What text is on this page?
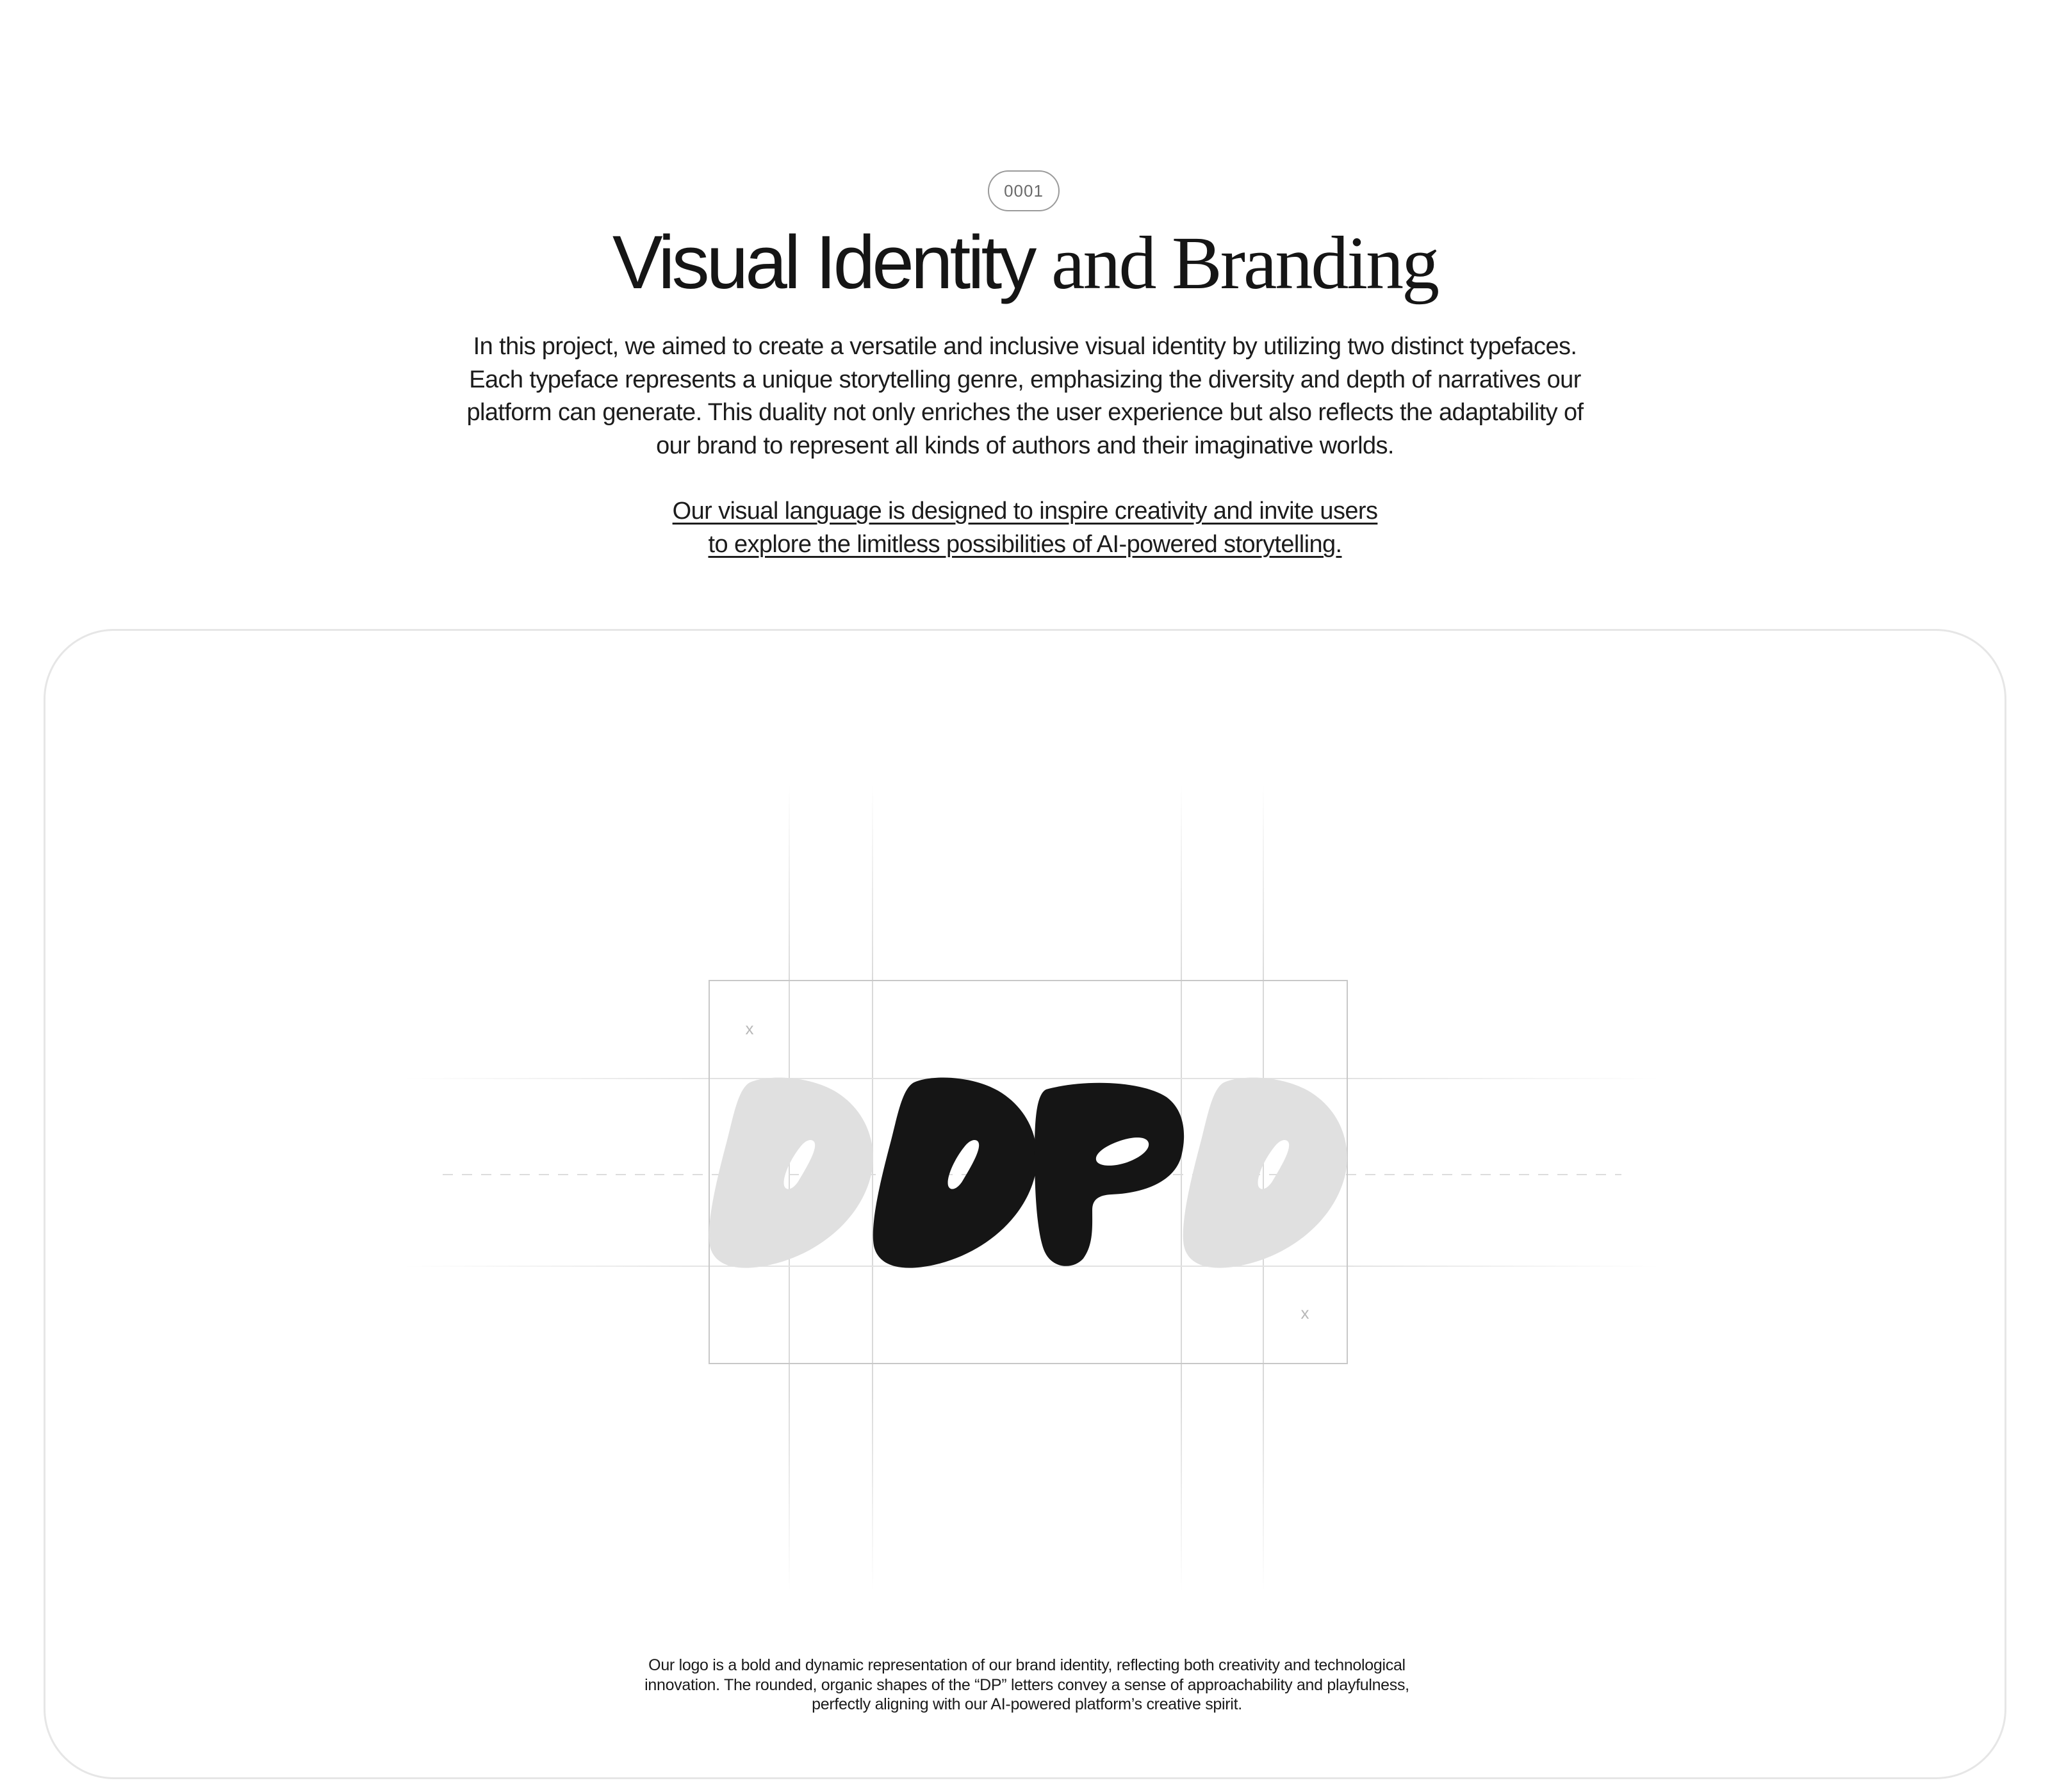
0001
Visual Identity and Branding

In this project, we aimed to create a versatile and inclusive visual identity by utilizing two distinct typefaces. Each typeface represents a unique storytelling genre, emphasizing the diversity and depth of narratives our platform can generate. This duality not only enriches the user experience but also reflects the adaptability of our brand to represent all kinds of authors and their imaginative worlds.

Our visual language is designed to inspire creativity and invite users
to explore the limitless possibilities of AI-powered storytelling.

x
x

Our logo is a bold and dynamic representation of our brand identity, reflecting both creativity and technological innovation. The rounded, organic shapes of the “DP” letters convey a sense of approachability and playfulness, perfectly aligning with our AI-powered platform’s creative spirit.
